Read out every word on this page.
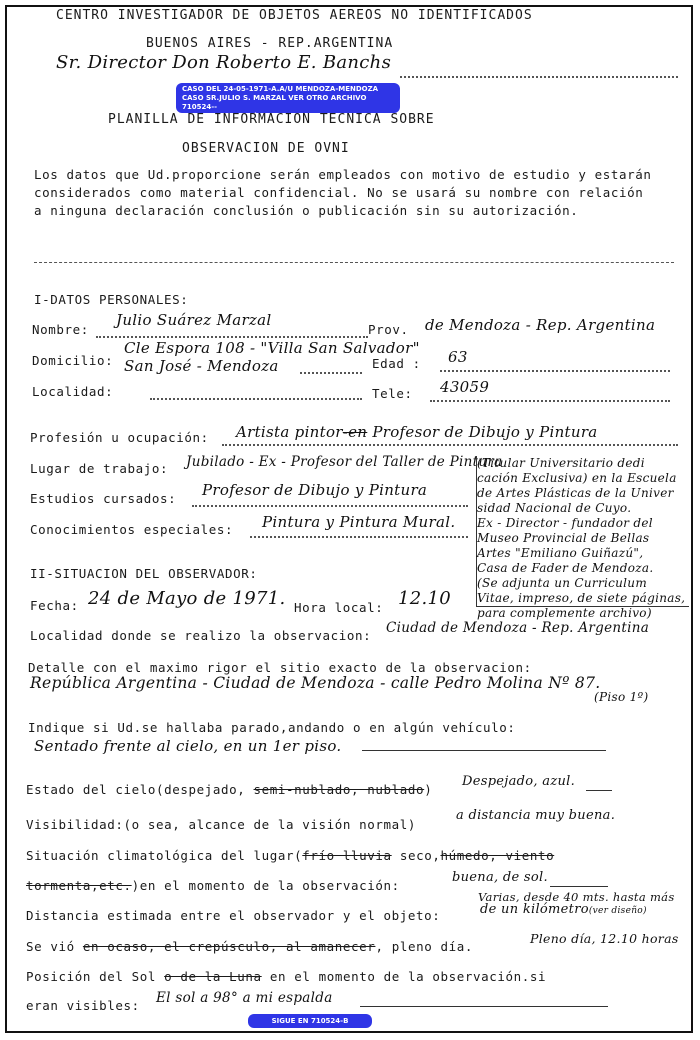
CENTRO INVESTIGADOR DE OBJETOS AEREOS NO IDENTIFICADOS
BUENOS AIRES - REP.ARGENTINA
Sr. Director Don Roberto E. Banchs
CASO DEL 24-05-1971-A.A/U MENDOZA-MENDOZA
CASO SR.JULIO S. MARZAL VER OTRO ARCHIVO 710524--
PLANILLA DE INFORMACION TECNICA SOBRE
OBSERVACION DE OVNI
Los datos que Ud.proporcione serán empleados con motivo de estudio y estarán considerados como material confidencial. No se usará su nombre con relación a ninguna declaración conclusión o publicación sin su autorización.
I-DATOS PERSONALES:
Nombre:
Julio Suárez Marzal
Prov. de Mendoza - Rep. Argentina
Domicilio:
Cle Espora 108 - "Villa San Salvador"
San José - Mendoza	Edad : 63
Localidad:	Tele: 43059
Profesión u ocupación: Artista pintor-en Profesor de Dibujo y Pintura
Lugar de trabajo: Jubilado - Ex - Profesor del Taller de Pintura
Estudios cursados: Profesor de Dibujo y Pintura
Conocimientos especiales: Pintura y Pintura Mural.
(Titular Universitario dedi
cación Exclusiva) en la Escuela
de Artes Plásticas de la Univer
sidad Nacional de Cuyo.
Ex - Director - fundador del
Museo Provincial de Bellas
Artes "Emiliano Guiñazú",
Casa de Fader de Mendoza.
(Se adjunta un Curriculum
Vitae, impreso, de siete páginas,
para complemente archivo)
II-SITUACION DEL OBSERVADOR:
Fecha: 24 de Mayo de 1971. Hora local: 12.10
Localidad donde se realizo la observacion: Ciudad de Mendoza - Rep. Argentina
Detalle con el maximo rigor el sitio exacto de la observacion:
República Argentina - Ciudad de Mendoza - calle Pedro Molina Nº 87.
(Piso 1º)
Indique si Ud.se hallaba parado,andando o en algún vehículo:
Sentado frente al cielo, en un 1er piso.
Estado del cielo(despejado, semi-nublado, nublado)
Despejado, azul.
Visibilidad:(o sea, alcance de la visión normal)
a distancia muy buena.
Situación climatológica del lugar(frío lluvia seco,húmedo, viento
tormenta,etc.)en el momento de la observación:
buena, de sol.
Varias, desde 40 mts. hasta más
Distancia estimada entre el observador y el objeto:	de un kilómetro(ver diseño)
Se vió en ocaso, el crepúsculo, al amanecer, pleno día.
Pleno día, 12.10 horas
Posición del Sol o de la Luna en el momento de la observación.si
eran visibles: El sol a 98° a mi espalda
SIGUE EN 710524-B
